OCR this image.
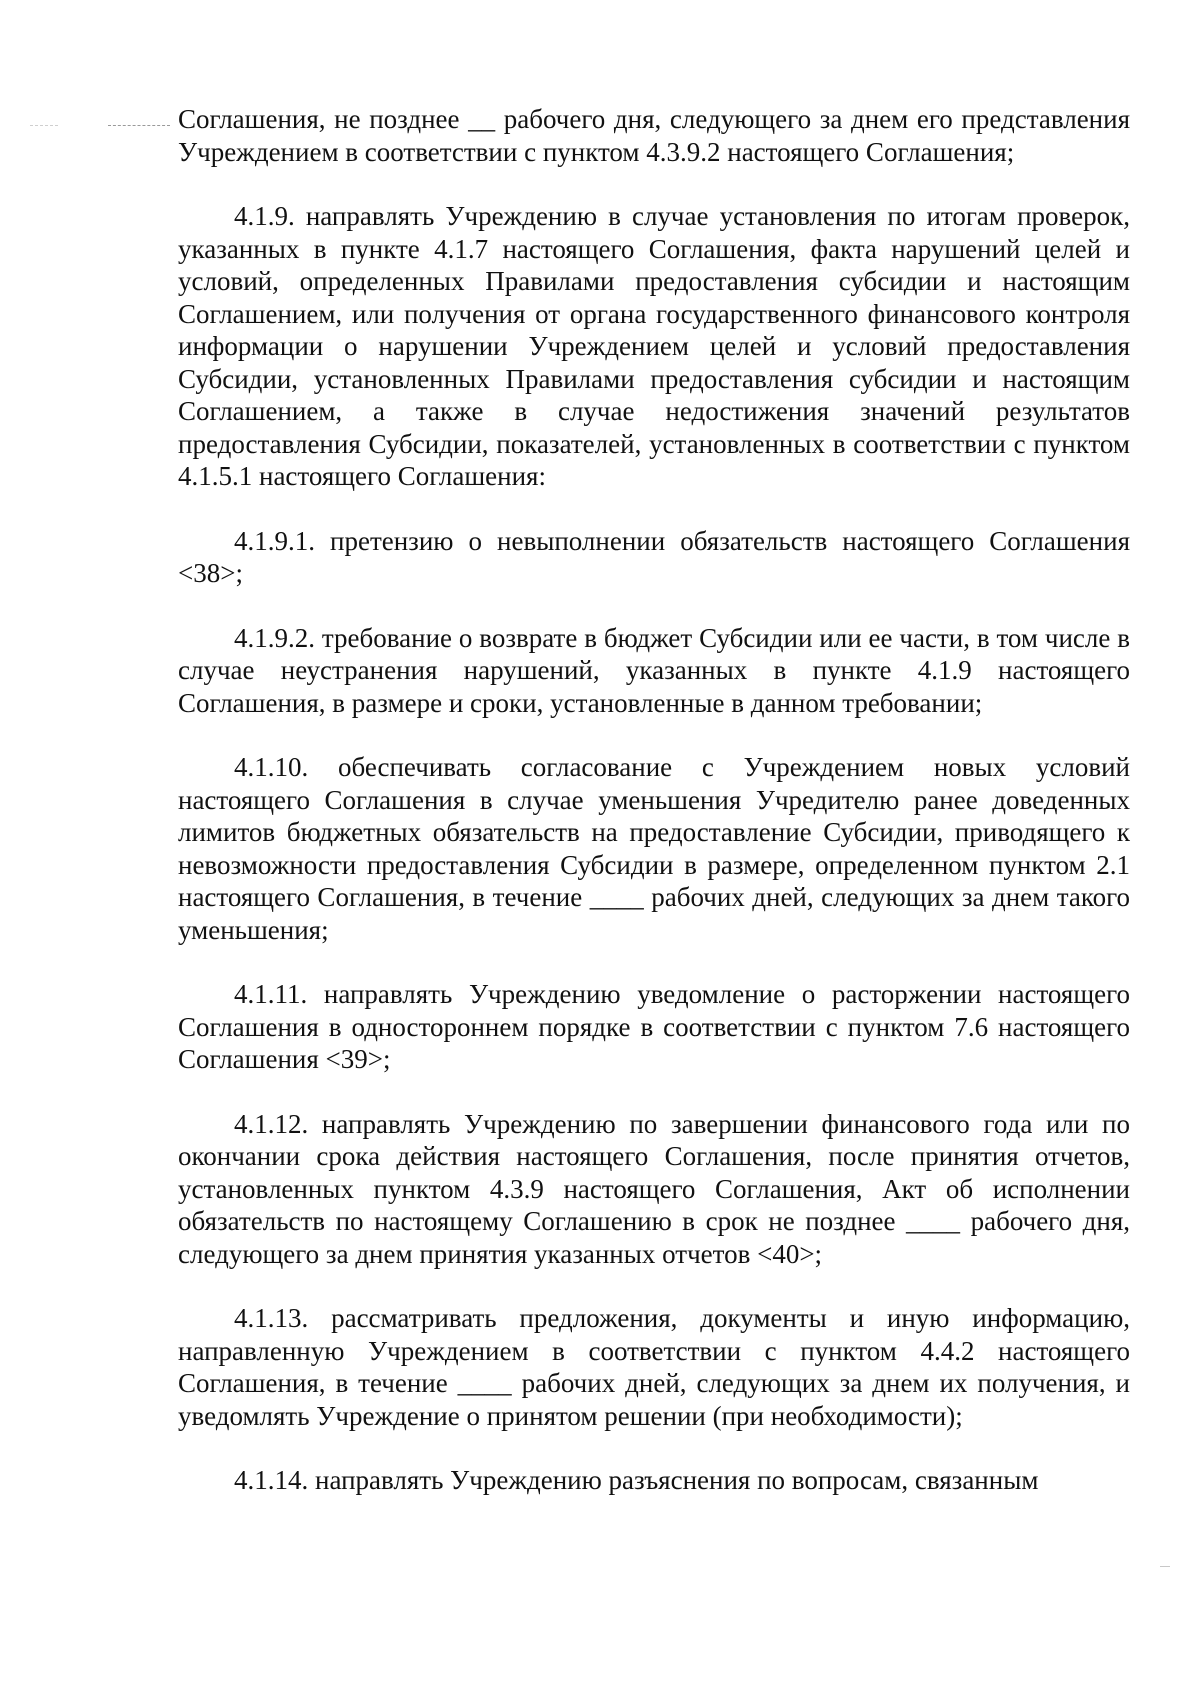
Соглашения, не позднее __ рабочего дня, следующего за днем его представления Учреждением в соответствии с пунктом 4.3.9.2 настоящего Соглашения;

4.1.9. направлять Учреждению в случае установления по итогам проверок, указанных в пункте 4.1.7 настоящего Соглашения, факта нарушений целей и условий, определенных Правилами предоставления субсидии и настоящим Соглашением, или получения от органа государственного финансового контроля информации о нарушении Учреждением целей и условий предоставления Субсидии, установленных Правилами предоставления субсидии и настоящим Соглашением, а также в случае недостижения значений результатов предоставления Субсидии, показателей, установленных в соответствии с пунктом 4.1.5.1 настоящего Соглашения:

4.1.9.1. претензию о невыполнении обязательств настоящего Соглашения <38>;

4.1.9.2. требование о возврате в бюджет Субсидии или ее части, в том числе в случае неустранения нарушений, указанных в пункте 4.1.9 настоящего Соглашения, в размере и сроки, установленные в данном требовании;

4.1.10. обеспечивать согласование с Учреждением новых условий настоящего Соглашения в случае уменьшения Учредителю ранее доведенных лимитов бюджетных обязательств на предоставление Субсидии, приводящего к невозможности предоставления Субсидии в размере, определенном пунктом 2.1 настоящего Соглашения, в течение ____ рабочих дней, следующих за днем такого уменьшения;

4.1.11. направлять Учреждению уведомление о расторжении настоящего Соглашения в одностороннем порядке в соответствии с пунктом 7.6 настоящего Соглашения <39>;

4.1.12. направлять Учреждению по завершении финансового года или по окончании срока действия настоящего Соглашения, после принятия отчетов, установленных пунктом 4.3.9 настоящего Соглашения, Акт об исполнении обязательств по настоящему Соглашению в срок не позднее ____ рабочего дня, следующего за днем принятия указанных отчетов <40>;

4.1.13. рассматривать предложения, документы и иную информацию, направленную Учреждением в соответствии с пунктом 4.4.2 настоящего Соглашения, в течение ____ рабочих дней, следующих за днем их получения, и уведомлять Учреждение о принятом решении (при необходимости);

4.1.14. направлять Учреждению разъяснения по вопросам, связанным
